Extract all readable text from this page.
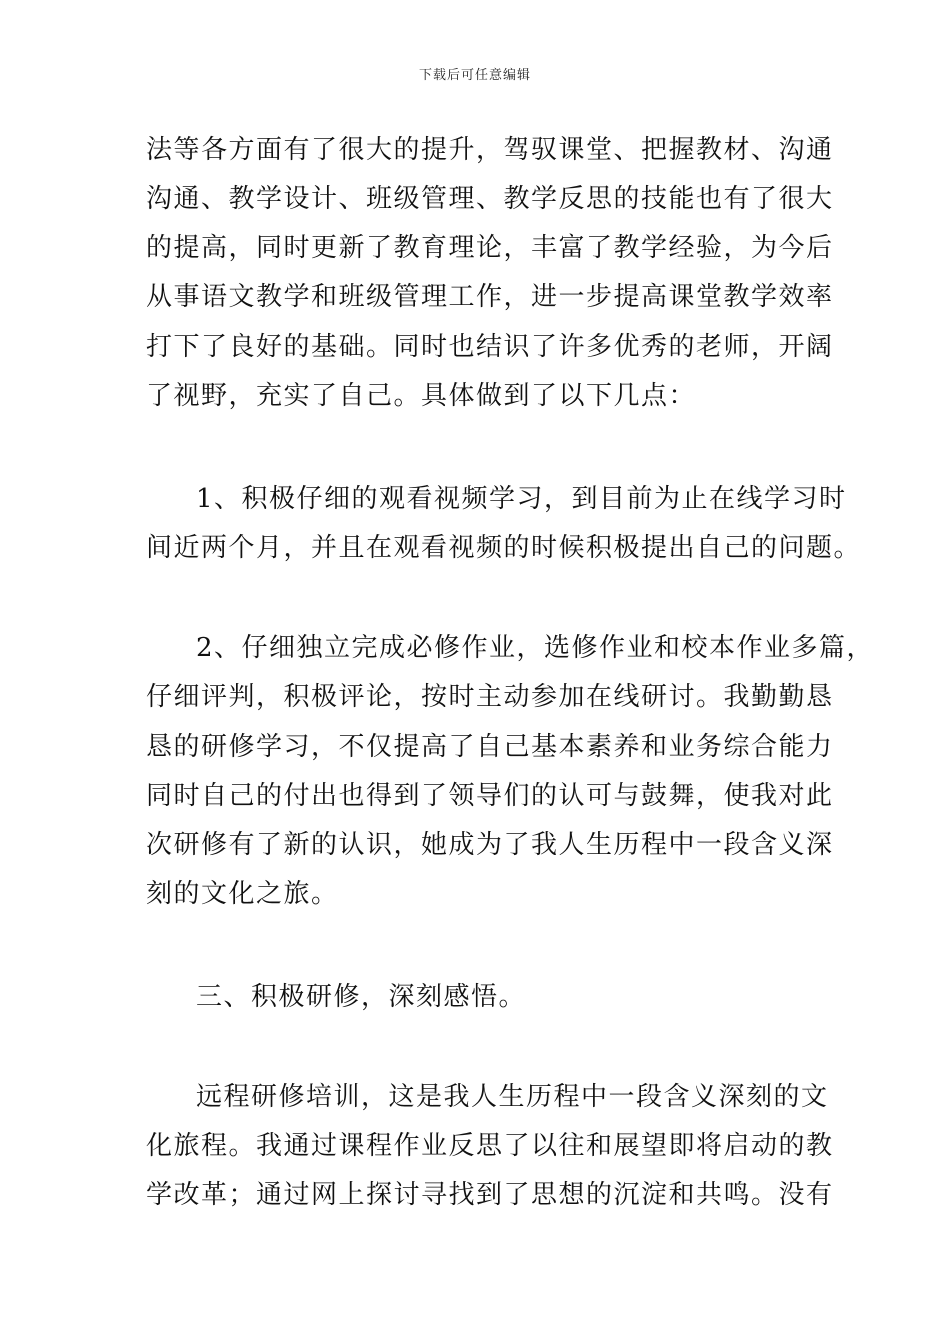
下载后可任意编辑
法等各方面有了很大的提升，驾驭课堂、把握教材、沟通
沟通、教学设计、班级管理、教学反思的技能也有了很大
的提高，同时更新了教育理论，丰富了教学经验，为今后
从事语文教学和班级管理工作，进一步提高课堂教学效率
打下了良好的基础。同时也结识了许多优秀的老师，开阔
了视野，充实了自己。具体做到了以下几点：
1、积极仔细的观看视频学习，到目前为止在线学习时
间近两个月，并且在观看视频的时候积极提出自己的问题。
2、仔细独立完成必修作业，选修作业和校本作业多篇，
仔细评判，积极评论，按时主动参加在线研讨。我勤勤恳
恳的研修学习，不仅提高了自己基本素养和业务综合能力
同时自己的付出也得到了领导们的认可与鼓舞，使我对此
次研修有了新的认识，她成为了我人生历程中一段含义深
刻的文化之旅。
三、积极研修，深刻感悟。
远程研修培训，这是我人生历程中一段含义深刻的文
化旅程。我通过课程作业反思了以往和展望即将启动的教
学改革；通过网上探讨寻找到了思想的沉淀和共鸣。没有
